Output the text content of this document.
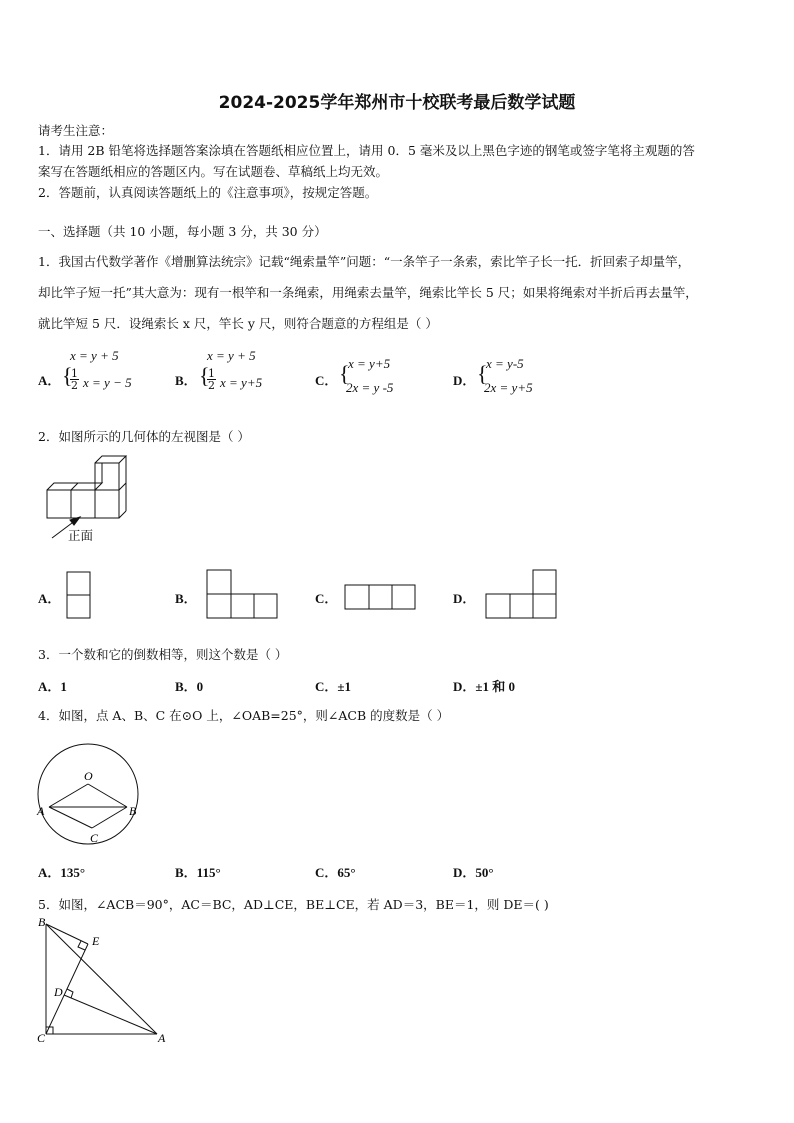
2024-2025学年郑州市十校联考最后数学试题
请考生注意：
1．请用 2B 铅笔将选择题答案涂填在答题纸相应位置上，请用 0．5 毫米及以上黑色字迹的钢笔或签字笔将主观题的答
案写在答题纸相应的答题区内。写在试题卷、草稿纸上均无效。
2．答题前，认真阅读答题纸上的《注意事项》，按规定答题。
一、选择题（共 10 小题，每小题 3 分，共 30 分）
1．我国古代数学著作《增删算法统宗》记载“绳索量竿”问题：“一条竿子一条索，索比竿子长一托．折回索子却量竿，
却比竿子短一托”其大意为：现有一根竿和一条绳索，用绳索去量竿，绳索比竿长 5 尺；如果将绳索对半折后再去量竿，
就比竿短 5 尺．设绳索长 x 尺，竿长 y 尺，则符合题意的方程组是（ ）
A．
x = y + 5
{
$\frac{1}{2}$ x = y − 5	B．
x = y + 5
{
$\frac{1}{2}$ x = y+5	C． {
x = y+5
2x = y -5	D． {
x = y-5
2x = y+5
2．如图所示的几何体的左视图是（ ）
正面
A．	B．	C．	D．
3．一个数和它的倒数相等，则这个数是（ ）
A．1	B．0	C．±1	D．±1 和 0
4．如图，点 A、B、C 在⊙O 上，∠OAB=25°，则∠ACB 的度数是（ ）
O
A	B
C
A．135°	B．115°	C．65°	D．50°
5．如图，∠ACB＝90°，AC＝BC，AD⊥CE，BE⊥CE，若 AD＝3，BE＝1，则 DE＝( )
B
E
D
C	A
